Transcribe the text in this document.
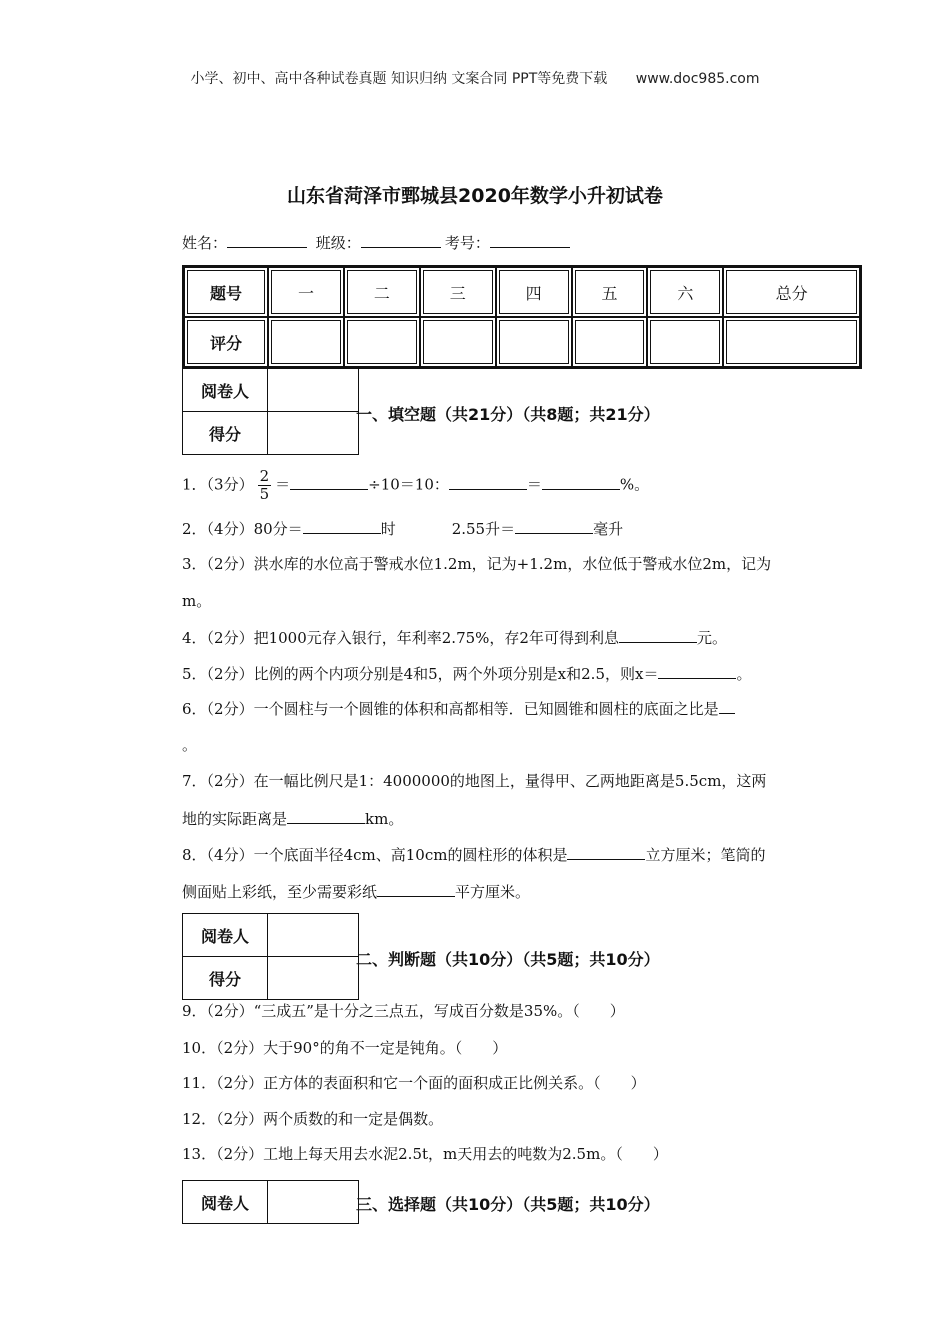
小学、初中、高中各种试卷真题 知识归纳 文案合同 PPT等免费下载 www.doc985.com
山东省菏泽市鄄城县2020年数学小升初试卷
姓名：	班级：	考号：
题号	一	二	三	四	五	六	总分
评分							
阅卷人	
得分	
一、填空题（共21分）（共8题；共21分）
1．（3分） $\frac{2}{5}$ ＝	÷10＝10：	＝	%。
2．（4分）80分＝	时	2.55升＝	毫升
3．（2分）洪水库的水位高于警戒水位1.2m，记为+1.2m，水位低于警戒水位2m，记为
m。
4．（2分）把1000元存入银行，年利率2.75%，存2年可得到利息	元。
5．（2分）比例的两个内项分别是4和5，两个外项分别是x和2.5，则x＝	。
6．（2分）一个圆柱与一个圆锥的体积和高都相等．已知圆锥和圆柱的底面之比是
。
7．（2分）在一幅比例尺是1：4000000的地图上，量得甲、乙两地距离是5.5cm，这两
地的实际距离是	km。
8．（4分）一个底面半径4cm、高10cm的圆柱形的体积是	立方厘米；笔筒的
侧面贴上彩纸，至少需要彩纸	平方厘米。
阅卷人	
得分	
二、判断题（共10分）（共5题；共10分）
9．（2分）“三成五”是十分之三点五，写成百分数是35%。（　　）
10．（2分）大于90°的角不一定是钝角。（　　）
11．（2分）正方体的表面积和它一个面的面积成正比例关系。（　　）
12．（2分）两个质数的和一定是偶数。
13．（2分）工地上每天用去水泥2.5t，m天用去的吨数为2.5m。（　　）
阅卷人		三、选择题（共10分）（共5题；共10分）
